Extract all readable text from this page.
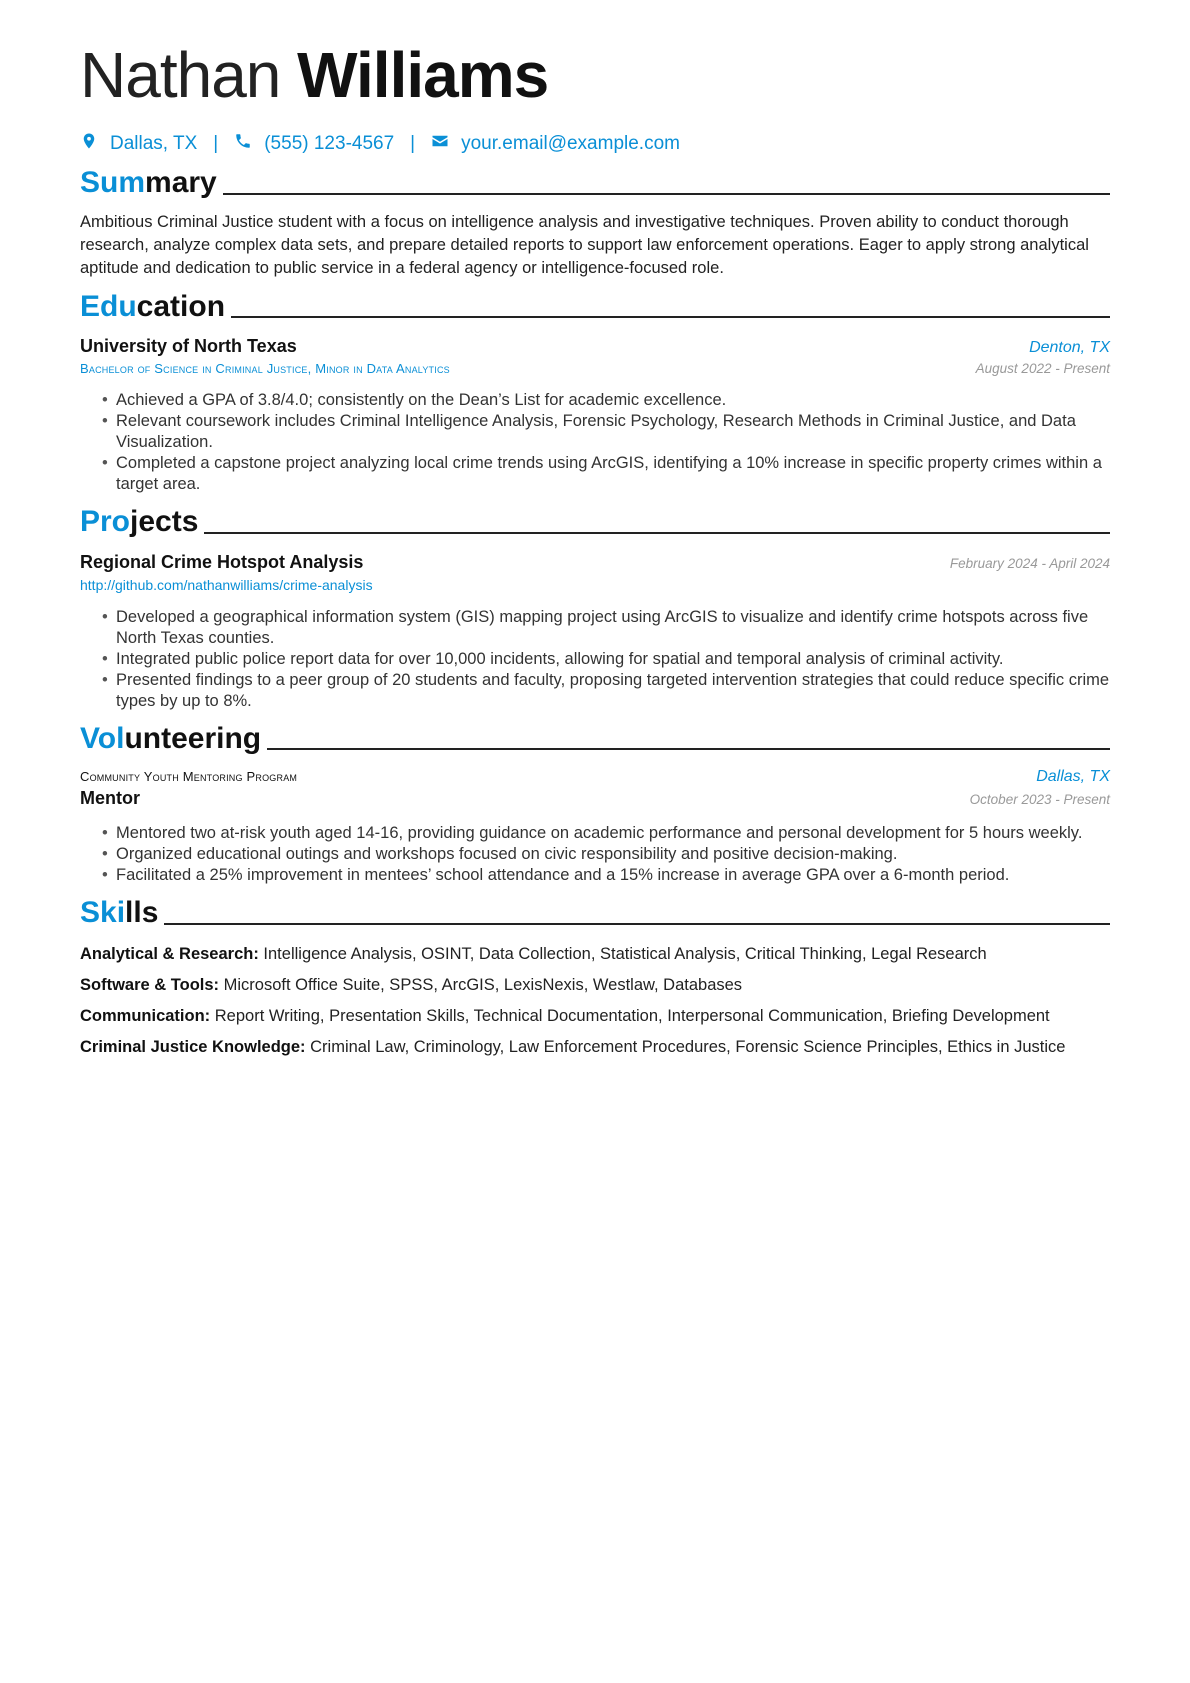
Nathan Williams
Dallas, TX | (555) 123-4567 | your.email@example.com
Summary

Ambitious Criminal Justice student with a focus on intelligence analysis and investigative techniques. Proven ability to conduct thorough research, analyze complex data sets, and prepare detailed reports to support law enforcement operations. Eager to apply strong analytical aptitude and dedication to public service in a federal agency or intelligence-focused role.

Education
University of North Texas	Denton, TX
Bachelor of Science in Criminal Justice, Minor in Data Analytics	August 2022 - Present
• Achieved a GPA of 3.8/4.0; consistently on the Dean’s List for academic excellence.
• Relevant coursework includes Criminal Intelligence Analysis, Forensic Psychology, Research Methods in Criminal Justice, and Data Visualization.
• Completed a capstone project analyzing local crime trends using ArcGIS, identifying a 10% increase in specific property crimes within a target area.
Projects
Regional Crime Hotspot Analysis	February 2024 - April 2024
http://github.com/nathanwilliams/crime-analysis
• Developed a geographical information system (GIS) mapping project using ArcGIS to visualize and identify crime hotspots across five North Texas counties.
• Integrated public police report data for over 10,000 incidents, allowing for spatial and temporal analysis of criminal activity.
• Presented findings to a peer group of 20 students and faculty, proposing targeted intervention strategies that could reduce specific crime types by up to 8%.
Volunteering
Community Youth Mentoring Program	Dallas, TX
Mentor	October 2023 - Present
• Mentored two at-risk youth aged 14-16, providing guidance on academic performance and personal development for 5 hours weekly.
• Organized educational outings and workshops focused on civic responsibility and positive decision-making.
• Facilitated a 25% improvement in mentees’ school attendance and a 15% increase in average GPA over a 6-month period.
Skills
Analytical & Research: Intelligence Analysis, OSINT, Data Collection, Statistical Analysis, Critical Thinking, Legal Research
Software & Tools: Microsoft Office Suite, SPSS, ArcGIS, LexisNexis, Westlaw, Databases
Communication: Report Writing, Presentation Skills, Technical Documentation, Interpersonal Communication, Briefing Development
Criminal Justice Knowledge: Criminal Law, Criminology, Law Enforcement Procedures, Forensic Science Principles, Ethics in Justice
